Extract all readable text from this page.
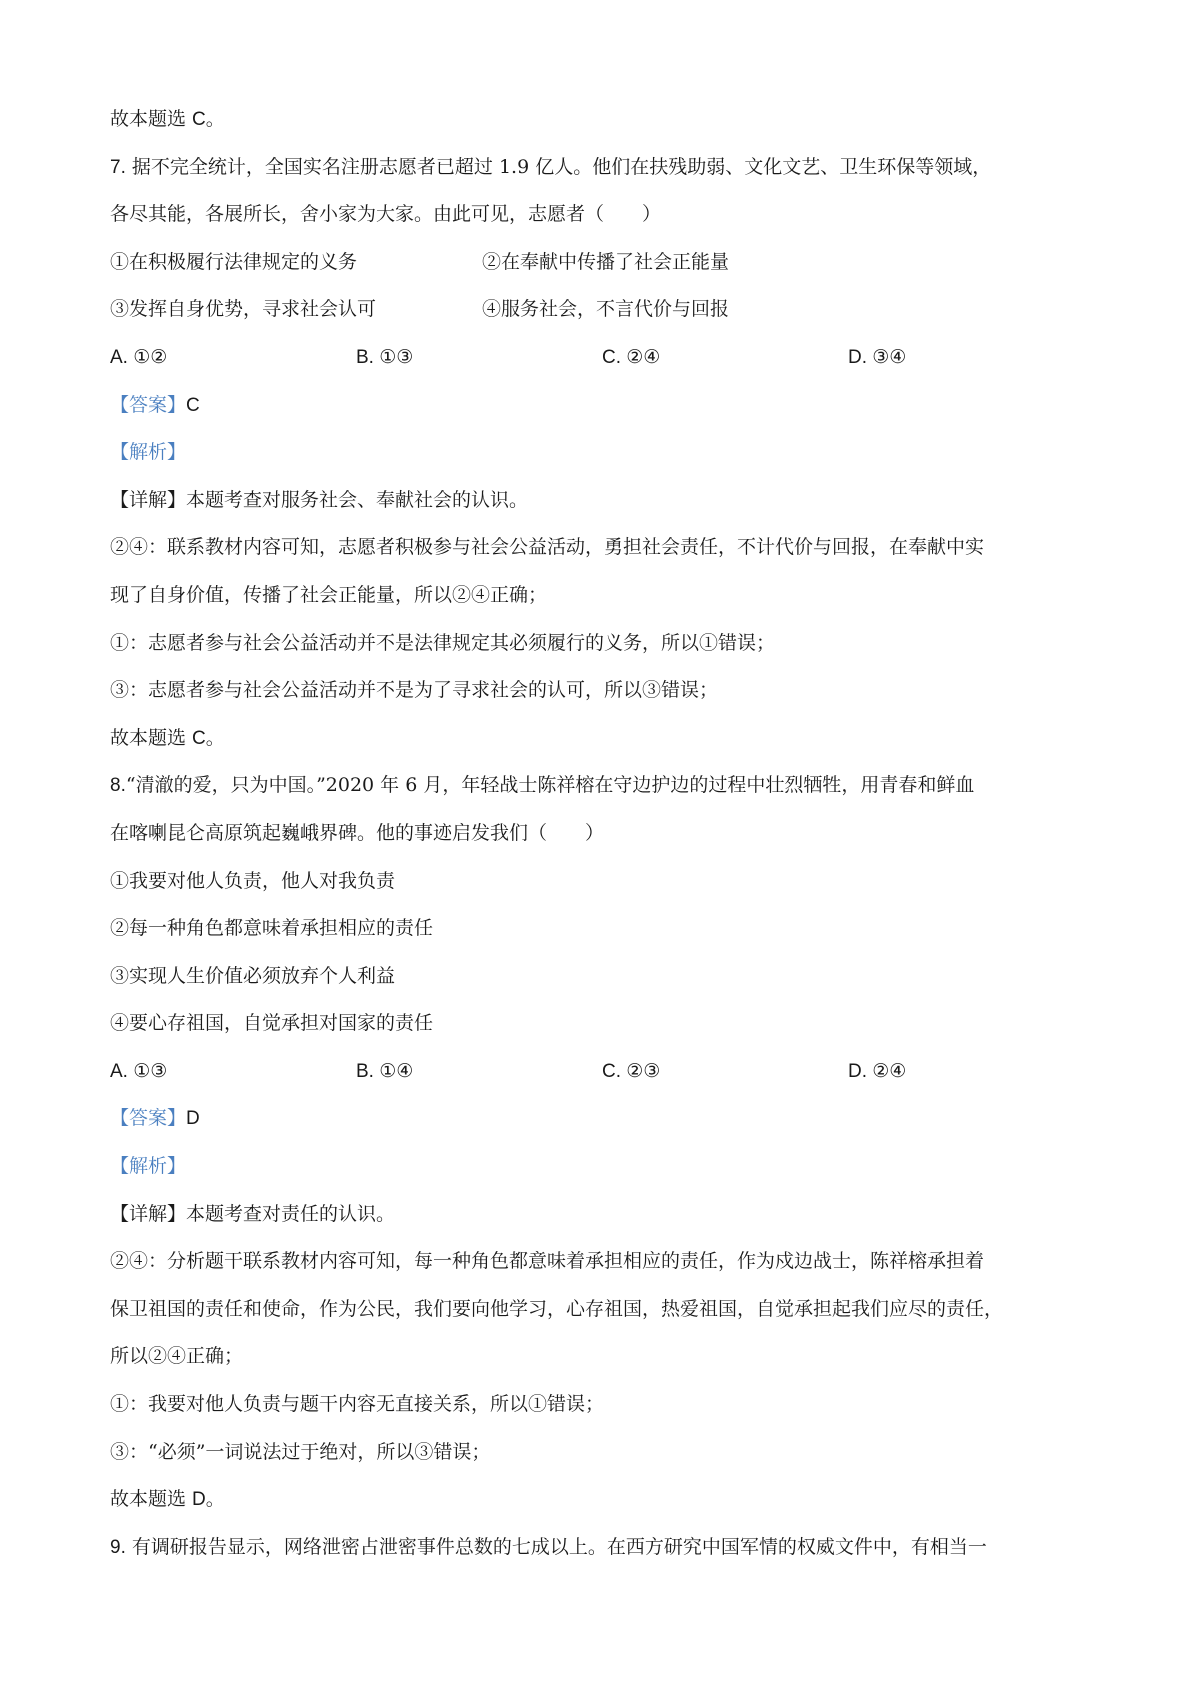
故本题选 C。
7. 据不完全统计，全国实名注册志愿者已超过 1.9 亿人。他们在扶残助弱、文化文艺、卫生环保等领域，
各尽其能，各展所长，舍小家为大家。由此可见，志愿者（　　）
①在积极履行法律规定的义务	②在奉献中传播了社会正能量
③发挥自身优势，寻求社会认可	④服务社会，不言代价与回报
A. ①②	B. ①③	C. ②④	D. ③④
【答案】C
【解析】
【详解】本题考查对服务社会、奉献社会的认识。
②④：联系教材内容可知，志愿者积极参与社会公益活动，勇担社会责任，不计代价与回报，在奉献中实
现了自身价值，传播了社会正能量，所以②④正确；
①：志愿者参与社会公益活动并不是法律规定其必须履行的义务，所以①错误；
③：志愿者参与社会公益活动并不是为了寻求社会的认可，所以③错误；
故本题选 C。
8.“清澈的爱，只为中国。”2020 年 6 月，年轻战士陈祥榕在守边护边的过程中壮烈牺牲，用青春和鲜血
在喀喇昆仑高原筑起巍峨界碑。他的事迹启发我们（　　）
①我要对他人负责，他人对我负责
②每一种角色都意味着承担相应的责任
③实现人生价值必须放弃个人利益
④要心存祖国，自觉承担对国家的责任
A. ①③	B. ①④	C. ②③	D. ②④
【答案】D
【解析】
【详解】本题考查对责任的认识。
②④：分析题干联系教材内容可知，每一种角色都意味着承担相应的责任，作为戍边战士，陈祥榕承担着
保卫祖国的责任和使命，作为公民，我们要向他学习，心存祖国，热爱祖国，自觉承担起我们应尽的责任，
所以②④正确；
①：我要对他人负责与题干内容无直接关系，所以①错误；
③：“必须”一词说法过于绝对，所以③错误；
故本题选 D。
9. 有调研报告显示，网络泄密占泄密事件总数的七成以上。在西方研究中国军情的权威文件中，有相当一
